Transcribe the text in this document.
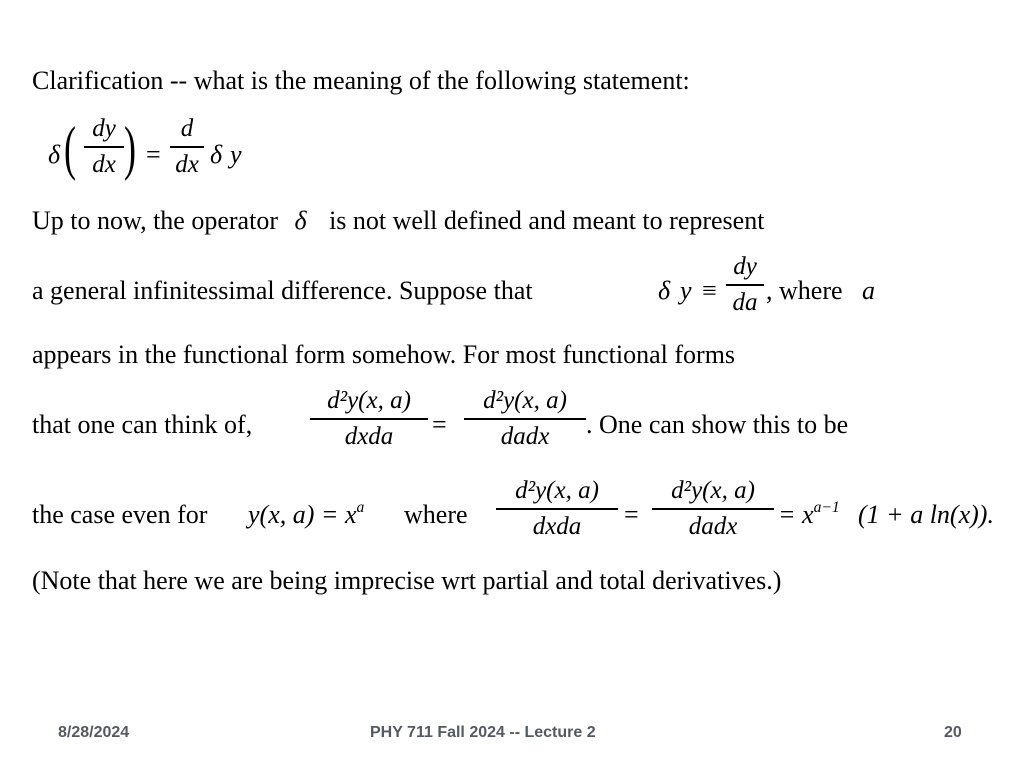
Clarification -- what is the meaning of the following statement:
δ ( dy
dx ) =
d
dx δ y
Up to now, the operator δ is not well defined and meant to represent
a general infinitessimal difference. Suppose that	δ y ≡
dy
da , where a
appears in the functional form somehow. For most functional forms
that one can think of,
d²y(x, a)
dxda	=
d²y(x, a)
dadx	. One can show this to be
the case even for y(x, $a) = x^a$ where
d²y(x, a)
dxda	=
d²y(x, a)
dadx	= $x^{a-1}$ (1 + a ln(x)).
(Note that here we are being imprecise wrt partial and total derivatives.)
8/28/2024	PHY 711 Fall 2024 -- Lecture 2	20
